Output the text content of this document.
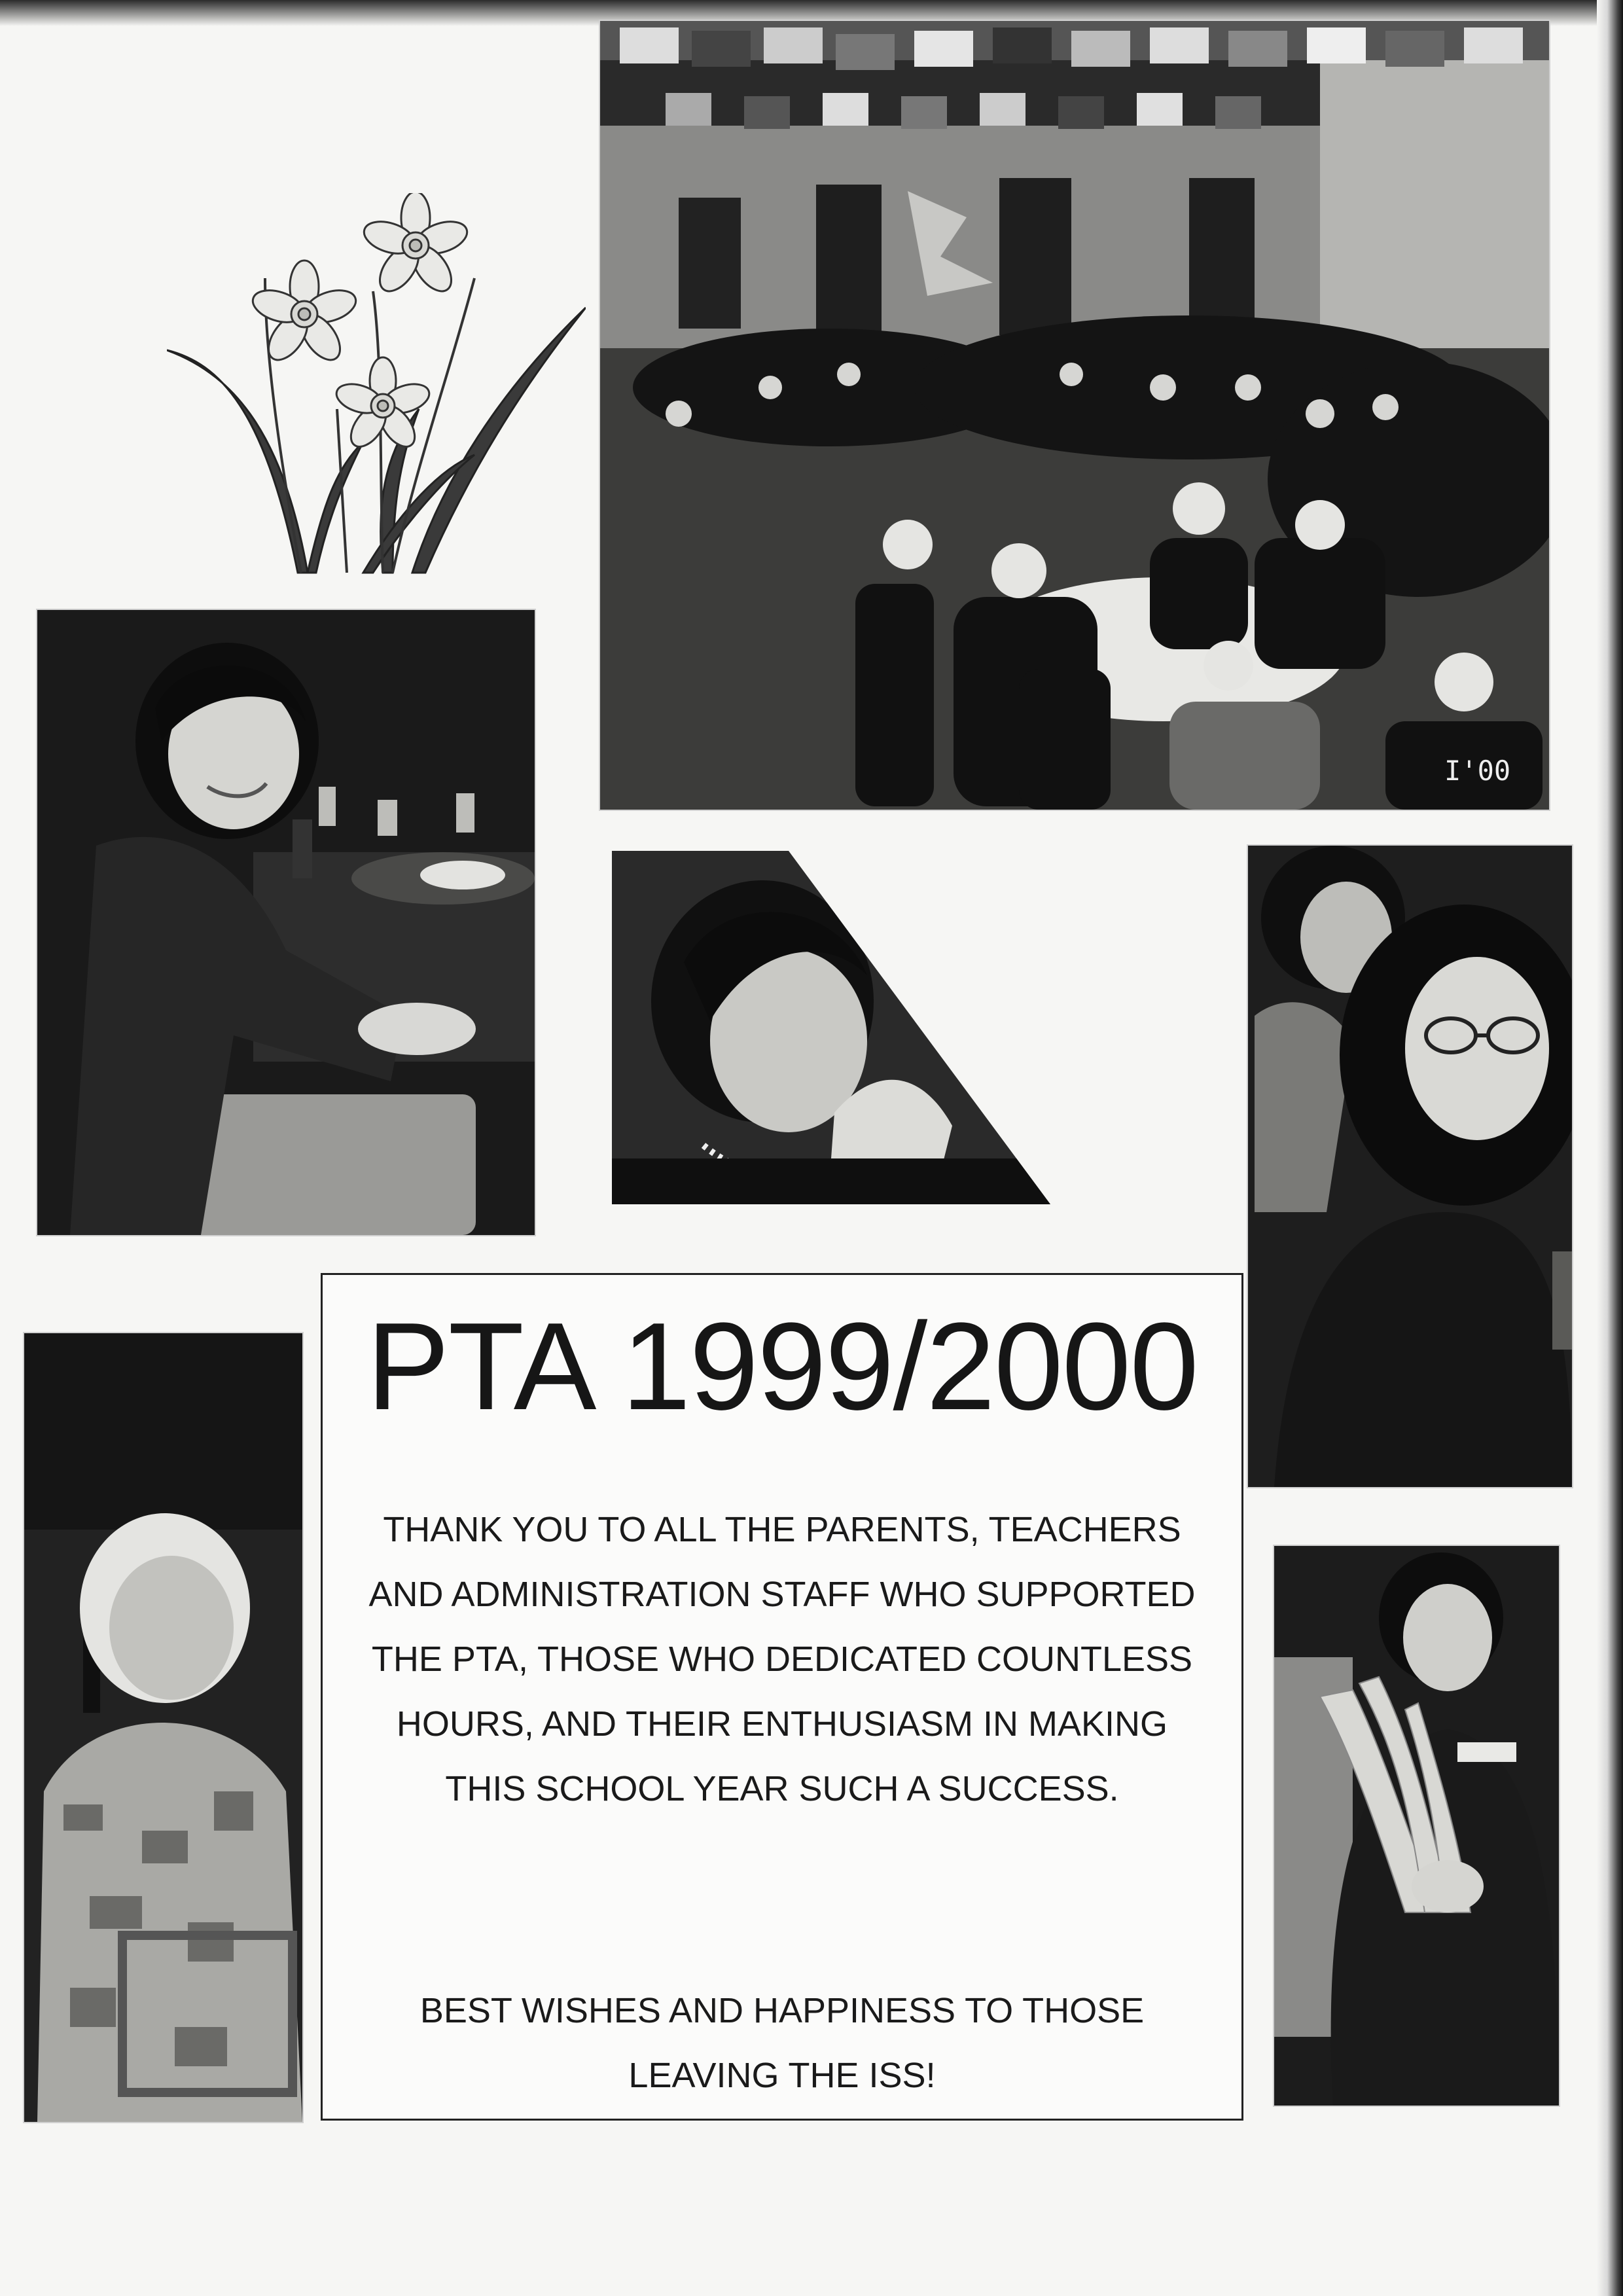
I'00
PTA 1999/2000

THANK YOU TO ALL THE PARENTS, TEACHERS
AND ADMINISTRATION STAFF WHO SUPPORTED
THE PTA, THOSE WHO DEDICATED COUNTLESS
HOURS, AND THEIR ENTHUSIASM IN MAKING
THIS SCHOOL YEAR SUCH A SUCCESS.

BEST WISHES AND HAPPINESS TO THOSE
LEAVING THE ISS!
